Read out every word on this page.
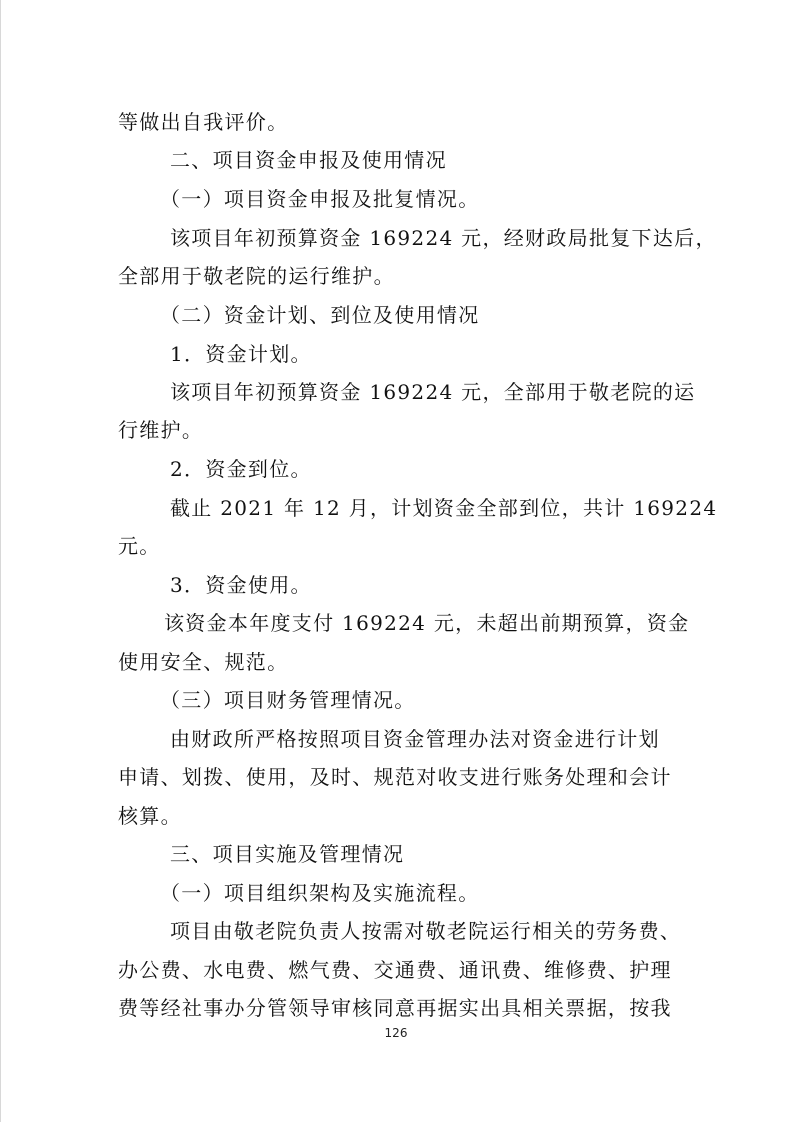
等做出自我评价。
二、项目资金申报及使用情况
（一）项目资金申报及批复情况。
该项目年初预算资金 169224 元，经财政局批复下达后，
全部用于敬老院的运行维护。
（二）资金计划、到位及使用情况
1．资金计划。
该项目年初预算资金 169224 元，全部用于敬老院的运
行维护。
2．资金到位。
截止 2021 年 12 月，计划资金全部到位，共计 169224
元。
3．资金使用。
该资金本年度支付 169224 元，未超出前期预算，资金
使用安全、规范。
（三）项目财务管理情况。
由财政所严格按照项目资金管理办法对资金进行计划
申请、划拨、使用，及时、规范对收支进行账务处理和会计
核算。
三、项目实施及管理情况
（一）项目组织架构及实施流程。
项目由敬老院负责人按需对敬老院运行相关的劳务费、
办公费、水电费、燃气费、交通费、通讯费、维修费、护理
费等经社事办分管领导审核同意再据实出具相关票据，按我
126
